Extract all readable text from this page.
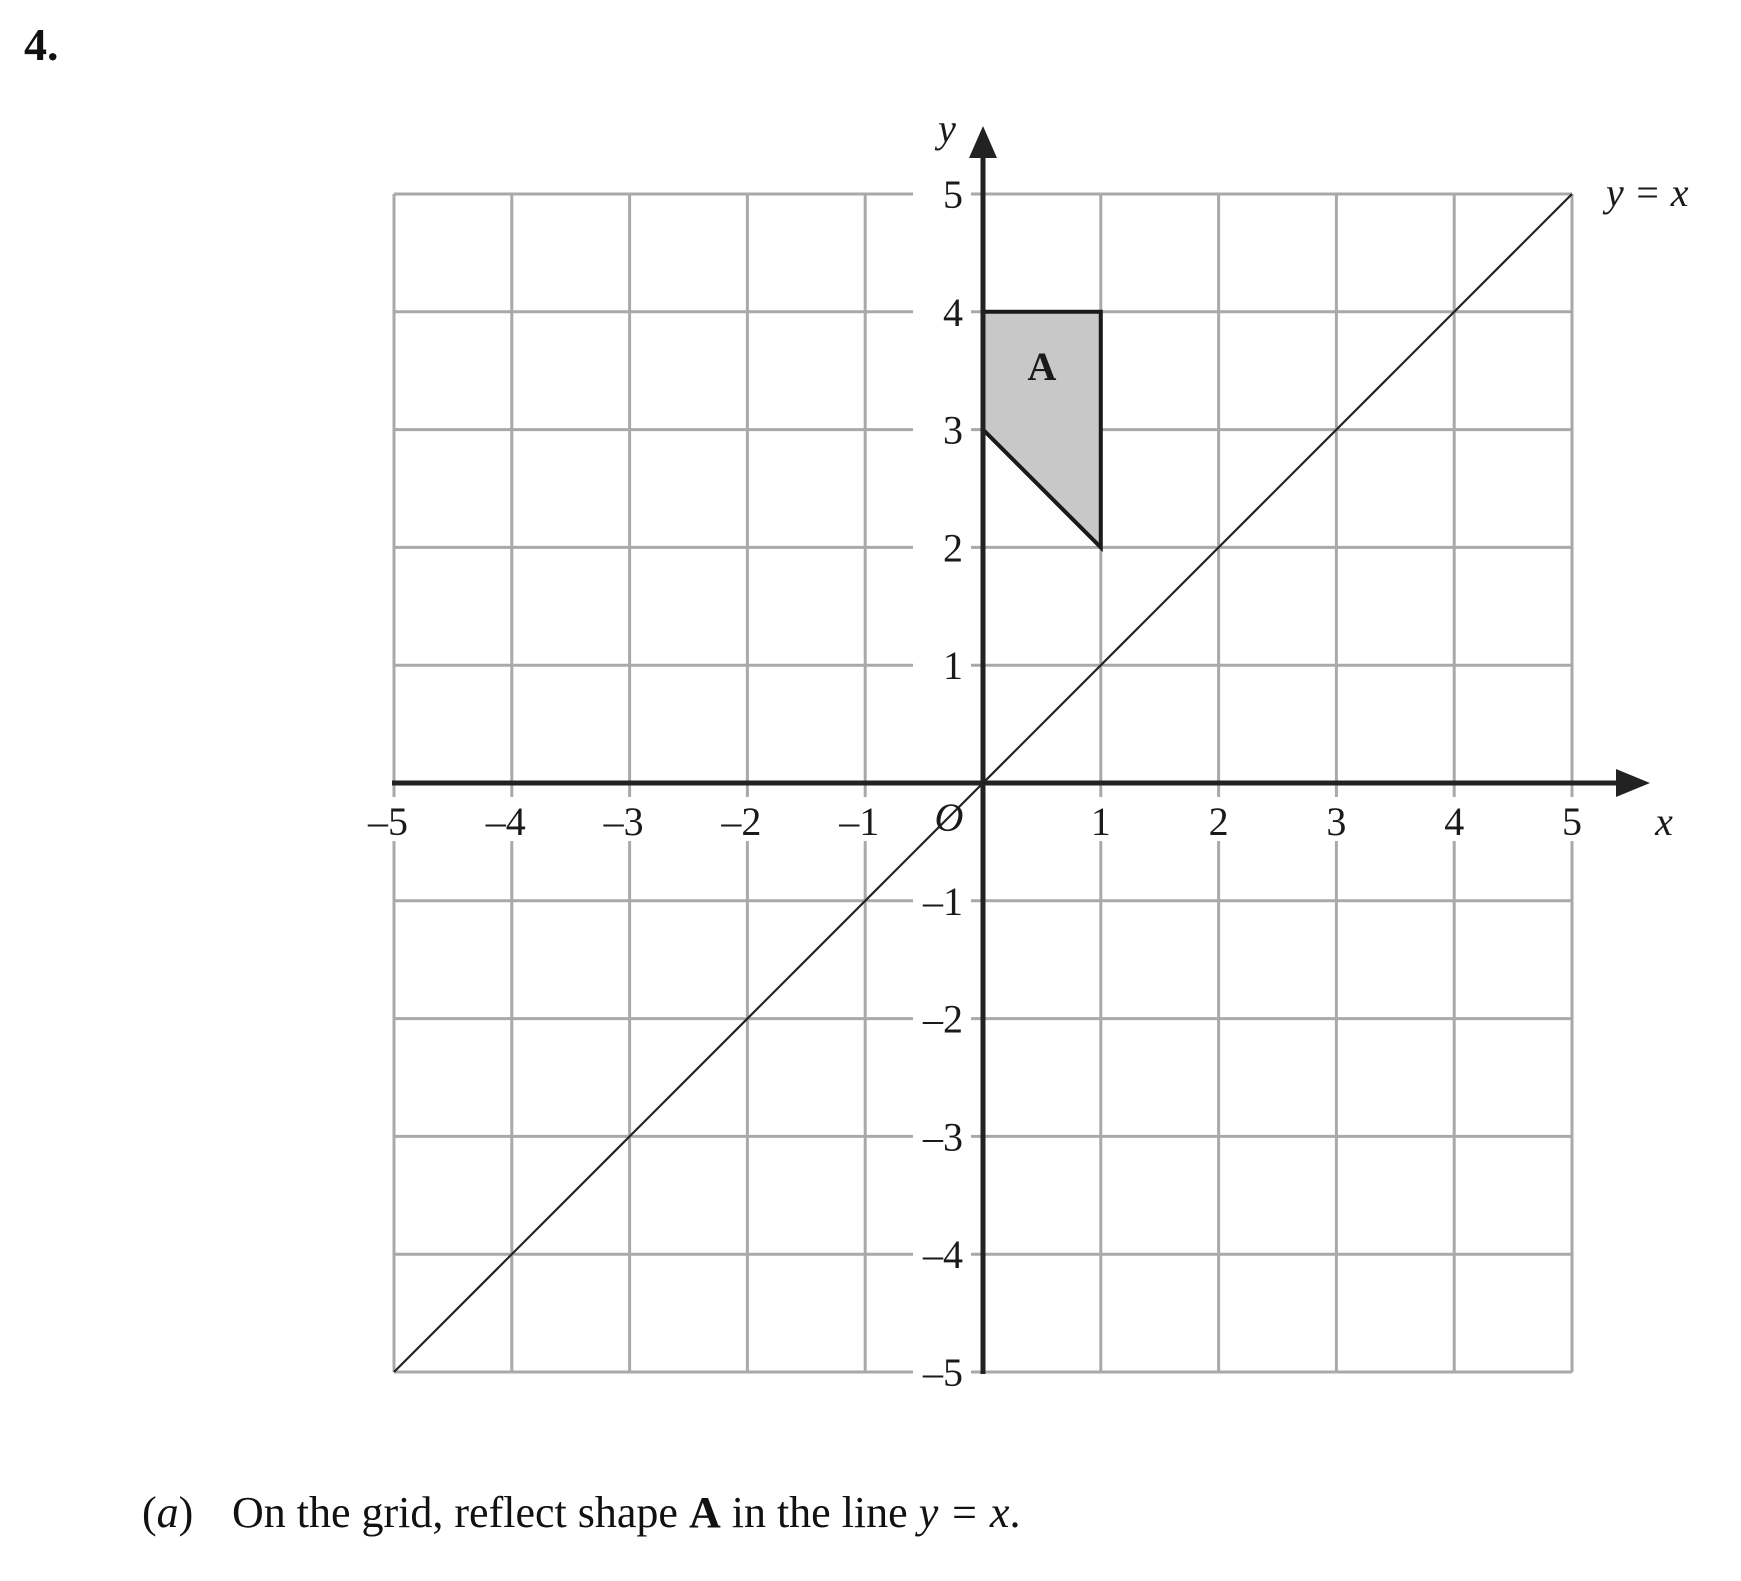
4.
A
–5 –4 –3 –2 –1	1 2 3 4 5
5
4
3
2
1
–1
–2
–3
–4
–5
O	x
y
y = x
(a) On the grid, reflect shape A in the line y = x.
